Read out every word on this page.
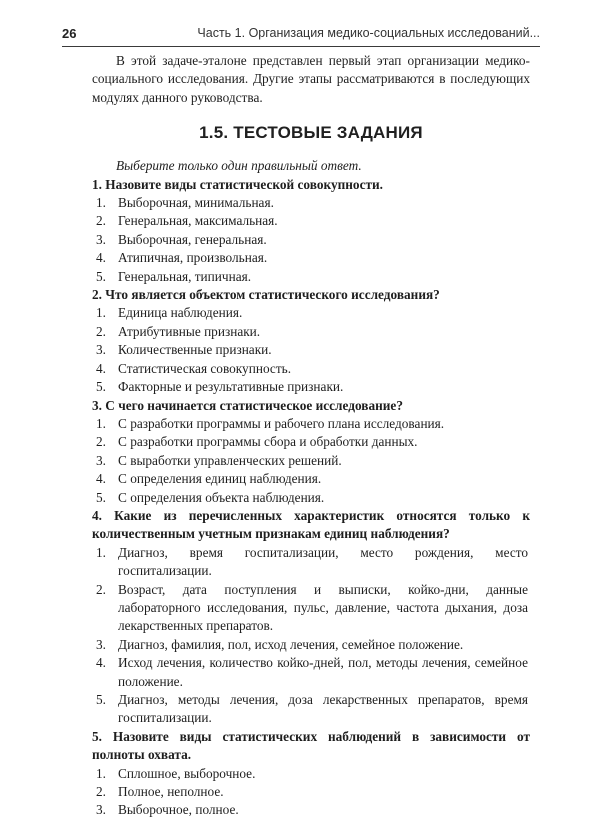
26	Часть 1. Организация медико-социальных исследований...

В этой задаче-эталоне представлен первый этап организации медико-социального исследования. Другие этапы рассматриваются в последующих модулях данного руководства.

1.5. ТЕСТОВЫЕ ЗАДАНИЯ

Выберите только один правильный ответ.

1. Назовите виды статистической совокупности.
1. Выборочная, минимальная.
2. Генеральная, максимальная.
3. Выборочная, генеральная.
4. Атипичная, произвольная.
5. Генеральная, типичная.
2. Что является объектом статистического исследования?
1. Единица наблюдения.
2. Атрибутивные признаки.
3. Количественные признаки.
4. Статистическая совокупность.
5. Факторные и результативные признаки.
3. С чего начинается статистическое исследование?
1. С разработки программы и рабочего плана исследования.
2. С разработки программы сбора и обработки данных.
3. С выработки управленческих решений.
4. С определения единиц наблюдения.
5. С определения объекта наблюдения.
4. Какие из перечисленных характеристик относятся только к количественным учетным признакам единиц наблюдения?
1. Диагноз, время госпитализации, место рождения, место госпитализации.
2. Возраст, дата поступления и выписки, койко-дни, данные лабораторного исследования, пульс, давление, частота дыхания, доза лекарственных препаратов.
3. Диагноз, фамилия, пол, исход лечения, семейное положение.
4. Исход лечения, количество койко-дней, пол, методы лечения, семейное положение.
5. Диагноз, методы лечения, доза лекарственных препаратов, время госпитализации.
5. Назовите виды статистических наблюдений в зависимости от полноты охвата.
1. Сплошное, выборочное.
2. Полное, неполное.
3. Выборочное, полное.
